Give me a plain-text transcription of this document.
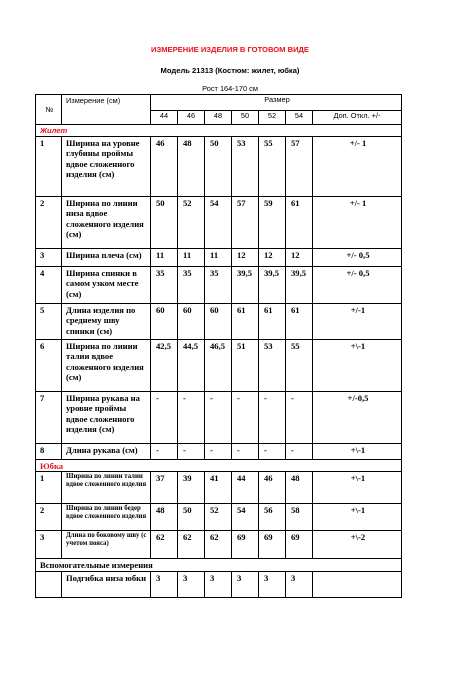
ИЗМЕРЕНИЕ ИЗДЕЛИЯ В ГОТОВОМ ВИДЕ
Модель 21313 (Костюм: жилет, юбка)
Рост 164-170 см
№	Измерение (см)	Размер						
		44	46	48	50	52	54	Доп. Откл. +/-
Жилет								
1	Ширина на уровне глубины проймы вдвое сложенного изделия (см)	46	48	50	53	55	57	+/- 1
2	Ширина по линии низа вдвое сложенного изделия (см)	50	52	54	57	59	61	+/- 1
3	Ширина плеча (см)	11	11	11	12	12	12	+/- 0,5
4	Ширина спинки в самом узком месте (см)	35	35	35	39,5	39,5	39,5	+/- 0,5
5	Длина изделия по среднему шву спинки (см)	60	60	60	61	61	61	+/-1
6	Ширина по линии талии вдвое сложенного изделия (см)	42,5	44,5	46,5	51	53	55	+\-1
7	Ширина рукава на уровне проймы вдвое сложенного изделия (см)	-	-	-	-	-	-	+/-0,5
8	Длина рукава (см)	-	-	-	-	-	-	+\-1
Юбка								
1	Ширина по линии талии вдвое сложенного изделия	37	39	41	44	46	48	+\-1
2	Ширина по линии бедер вдвое сложенного изделия	48	50	52	54	56	58	+\-1
3	Длина по боковому шву (с учетом пояса)	62	62	62	69	69	69	+\-2
Вспомогательные измерения								
	Подгибка низа юбки	3	3	3	3	3	3	
